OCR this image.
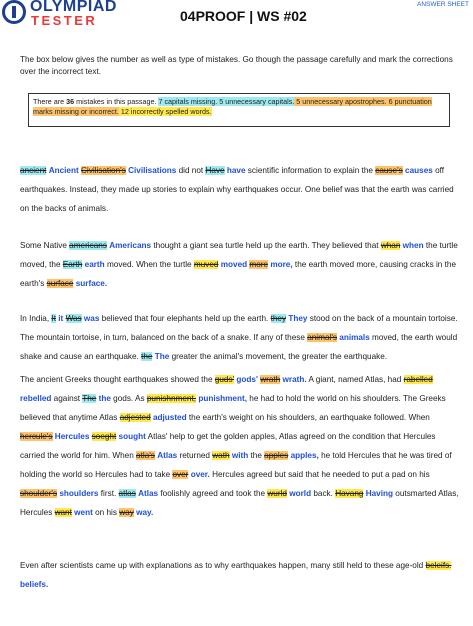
OLYMPIAD
TESTER	04PROOF | WS #02
ANSWER SHEET
The box below gives the number as well as type of mistakes. Go though the passage carefully and mark the corrections over the incorrect text.
There are 36 mistakes in this passage. 7 capitals missing. 5 unnecessary capitals. 5 unnecessary apostrophes. 6 punctuation marks missing or incorrect. 12 incorrectly spelled words.
ancient Ancient Civilisation's Civilisations did not Have have scientific information to explain the cause's causes off earthquakes. Instead, they made up stories to explain why earthquakes occur. One belief was that the earth was carried on the backs of animals.
Some Native americans Americans thought a giant sea turtle held up the earth. They believed that whan when the turtle moved, the Earth earth moved. When the turtle muved moved more more, the earth moved more, causing cracks in the earth's surface surface.
In India, It it Was was believed that four elephants held up the earth. they They stood on the back of a mountain tortoise. The mountain tortoise, in turn, balanced on the back of a snake. If any of these animal's animals moved, the earth would shake and cause an earthquake. the The greater the animal's movement, the greater the earthquake.
The ancient Greeks thought earthquakes showed the guds' gods' wrath wrath. A giant, named Atlas, had rabelled rebelled against The the gods. As punishnment, punishment, he had to hold the world on his shoulders. The Greeks believed that anytime Atlas adjested adjusted the earth's weight on his shoulders, an earthquake followed. When hercule's Hercules soeght sought Atlas' help to get the golden apples, Atlas agreed on the condition that Hercules carried the world for him. When atla's Atlas returned wath with the apples apples, he told Hercules that he was tired of holding the world so Hercules had to take over over. Hercules agreed but said that he needed to put a pad on his shoulder's shoulders first. atlas Atlas foolishly agreed and took the wurld world back. Havang Having outsmarted Atlas, Hercules want went on his way way.
Even after scientists came up with explanations as to why earthquakes happen, many still held to these age-old beleifs. beliefs.
